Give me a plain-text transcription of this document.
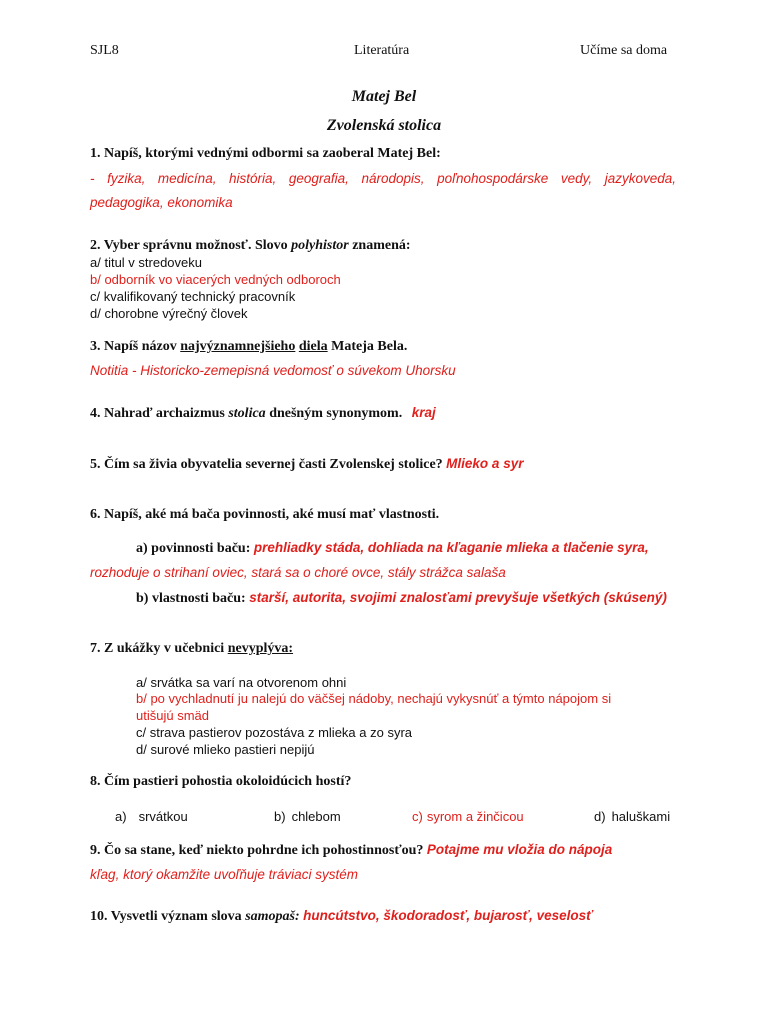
SJL8	Literatúra	Učíme sa doma
Matej Bel
Zvolenská stolica
1. Napíš, ktorými vednými odbormi sa zaoberal Matej Bel:
- fyzika, medicína, história, geografia, národopis, poľnohospodárske vedy, jazykoveda,
pedagogika, ekonomika
2. Vyber správnu možnosť. Slovo polyhistor znamená:
a/ titul v stredoveku
b/ odborník vo viacerých vedných odboroch
c/ kvalifikovaný technický pracovník
d/ chorobne výrečný človek
3. Napíš názov najvýznamnejšieho diela Mateja Bela.
Notitia - Historicko-zemepisná vedomosť o súvekom Uhorsku
4. Nahraď archaizmus stolica dnešným synonymom. kraj
5. Čím sa živia obyvatelia severnej časti Zvolenskej stolice? Mlieko a syr
6. Napíš, aké má bača povinnosti, aké musí mať vlastnosti.
a) povinnosti baču: prehliadky stáda, dohliada na kľaganie mlieka a tlačenie syra,
rozhoduje o strihaní oviec, stará sa o choré ovce, stály strážca salaša
b) vlastnosti baču: starší, autorita, svojimi znalosťami prevyšuje všetkých (skúsený)
7. Z ukážky v učebnici nevyplýva:
a/ srvátka sa varí na otvorenom ohni
b/ po vychladnutí ju nalejú do väčšej nádoby, nechajú vykysnúť a týmto nápojom si
utišujú smäd
c/ strava pastierov pozostáva z mlieka a zo syra
d/ surové mlieko pastieri nepijú
8. Čím pastieri pohostia okoloidúcich hostí?
a) srvátkou	b) chlebom	c) syrom a žinčicou	d) haluškami
9. Čo sa stane, keď niekto pohrdne ich pohostinnosťou? Potajme mu vložia do nápoja
kľag, ktorý okamžite uvoľňuje tráviaci systém
10. Vysvetli význam slova samopaš: huncútstvo, škodoradosť, bujarosť, veselosť
